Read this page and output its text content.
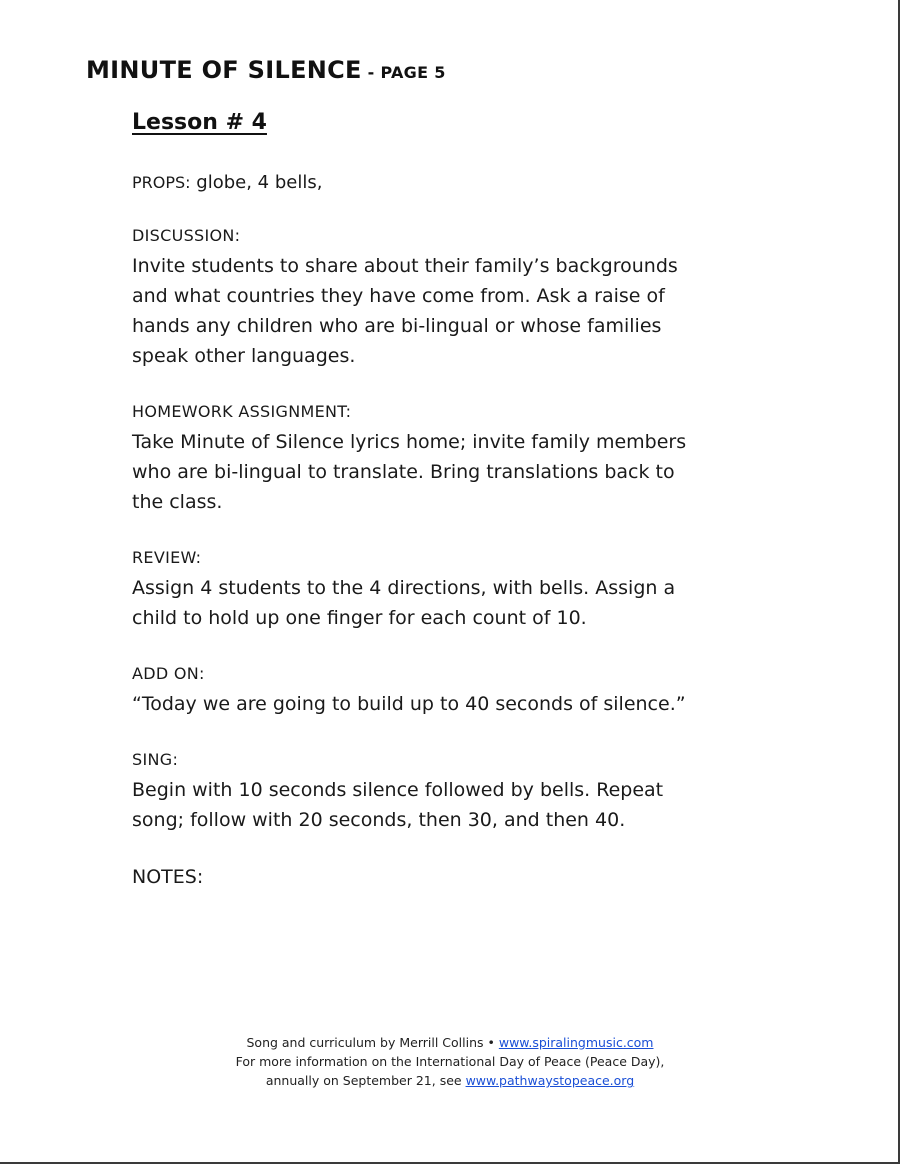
MINUTE OF SILENCE - PAGE 5
Lesson # 4

PROPS: globe, 4 bells,

DISCUSSION:
Invite students to share about their family’s backgrounds
and what countries they have come from. Ask a raise of
hands any children who are bi-lingual or whose families
speak other languages.
HOMEWORK ASSIGNMENT:
Take Minute of Silence lyrics home; invite family members
who are bi-lingual to translate. Bring translations back to
the class.
REVIEW:
Assign 4 students to the 4 directions, with bells. Assign a
child to hold up one finger for each count of 10.
ADD ON:
“Today we are going to build up to 40 seconds of silence.”
SING:
Begin with 10 seconds silence followed by bells. Repeat
song; follow with 20 seconds, then 30, and then 40.
NOTES:
Song and curriculum by Merrill Collins • www.spiralingmusic.com
For more information on the International Day of Peace (Peace Day),
annually on September 21, see www.pathwaystopeace.org
